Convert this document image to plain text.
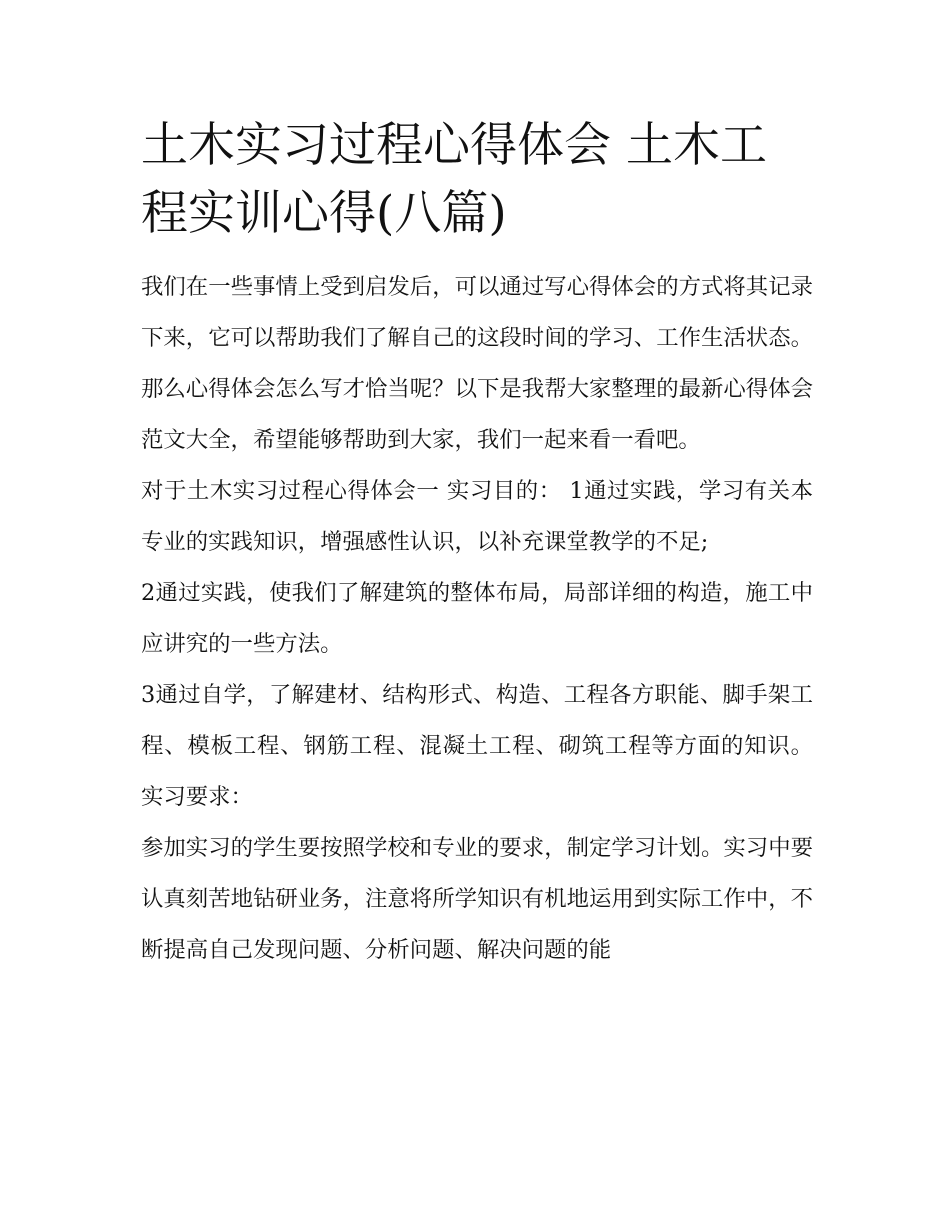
土木实习过程心得体会 土木工程实训心得(八篇)

我们在一些事情上受到启发后，可以通过写心得体会的方式将其记录下来，它可以帮助我们了解自己的这段时间的学习、工作生活状态。那么心得体会怎么写才恰当呢？以下是我帮大家整理的最新心得体会范文大全，希望能够帮助到大家，我们一起来看一看吧。

对于土木实习过程心得体会一 实习目的： 1通过实践，学习有关本专业的实践知识，增强感性认识，以补充课堂教学的不足;

2通过实践，使我们了解建筑的整体布局，局部详细的构造，施工中应讲究的一些方法。

3通过自学，了解建材、结构形式、构造、工程各方职能、脚手架工程、模板工程、钢筋工程、混凝土工程、砌筑工程等方面的知识。 实习要求：

参加实习的学生要按照学校和专业的要求，制定学习计划。实习中要认真刻苦地钻研业务，注意将所学知识有机地运用到实际工作中，不断提高自己发现问题、分析问题、解决问题的能
